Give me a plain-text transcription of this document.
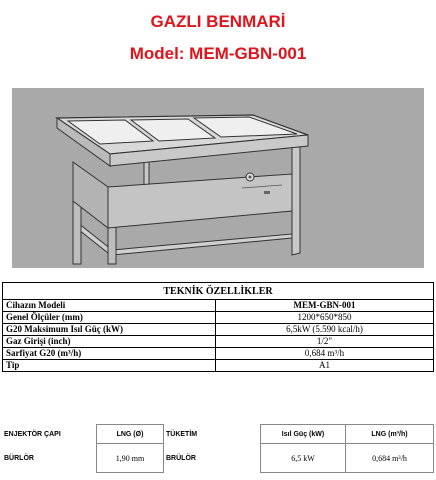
GAZLI BENMARİ
Model: MEM-GBN-001
TEKNİK ÖZELLİKLER	
Cihazın Modeli	MEM-GBN-001
Genel Ölçüler (mm)	1200*650*850
G20 Maksimum Isıl Güç (kW)	6,5kW (5.590 kcal/h)
Gaz Girişi (inch)	1/2"
Sarfiyat G20 (m³/h)	0,684 m³/h
Tip	A1
ENJEKTÖR ÇAPI	LNG (Ø)	TÜKETİM	Isıl Güç (kW)	LNG (m³/h)
BÜRLÖR	1,90 mm	BRÜLÖR	6,5 kW	0,684 m³/h
